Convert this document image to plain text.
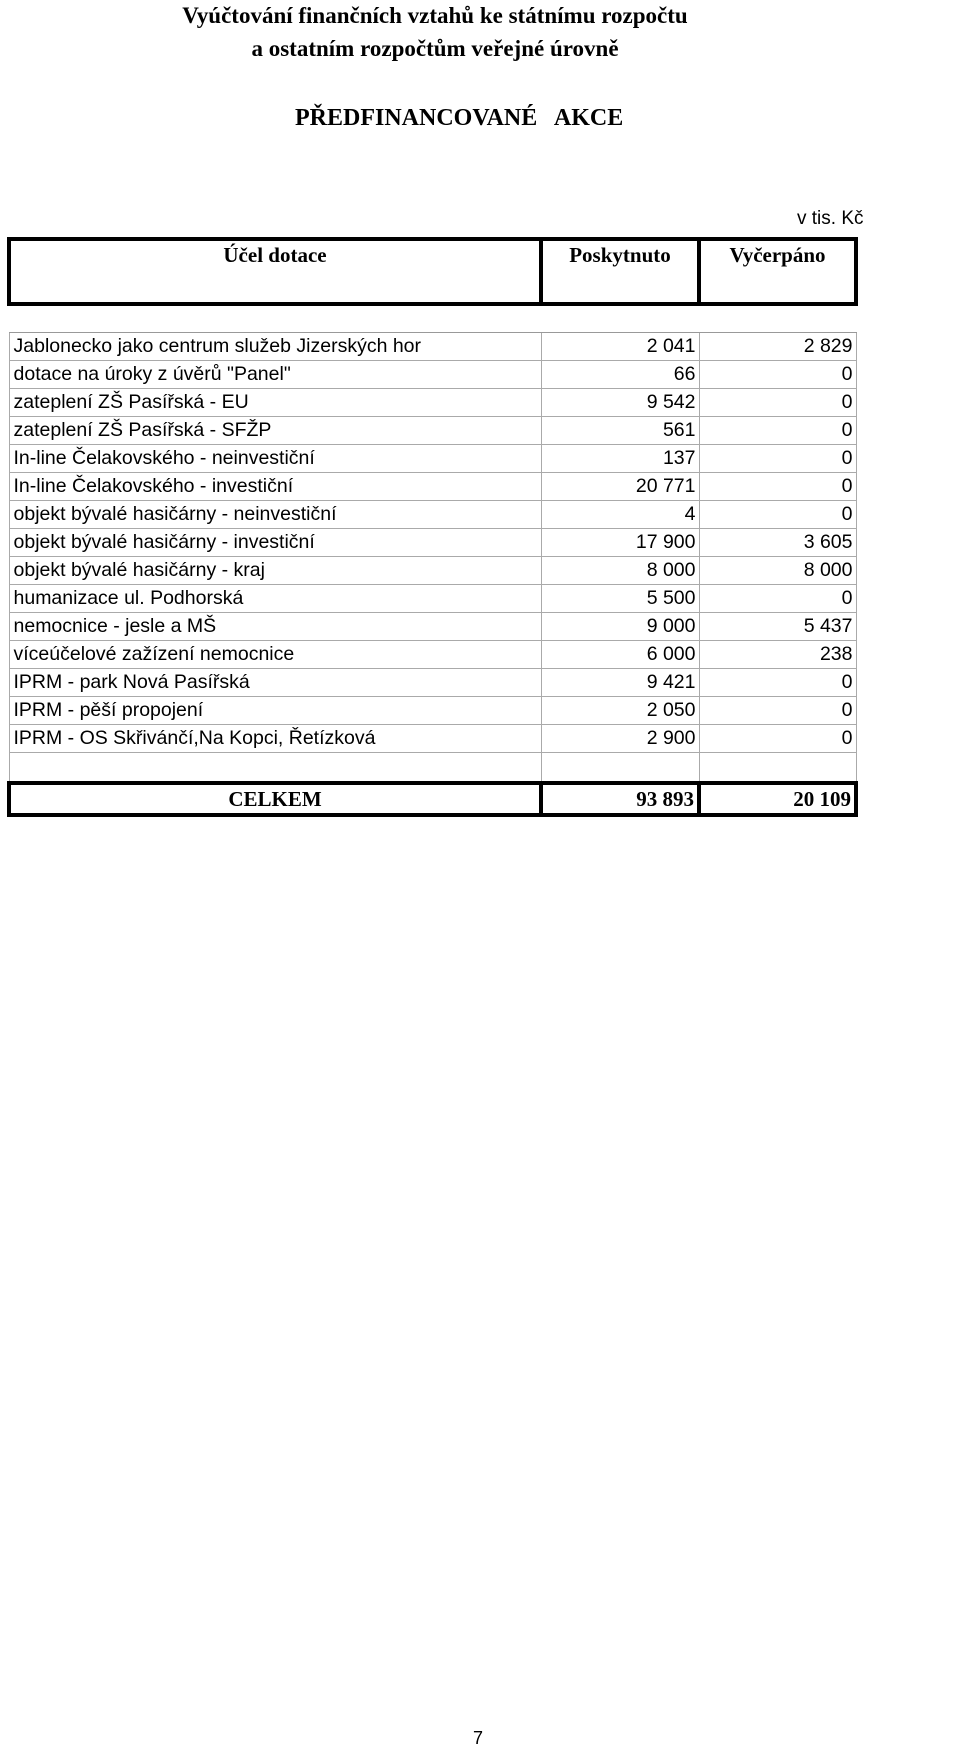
Vyúčtování finančních vztahů ke státnímu rozpočtu
a ostatním rozpočtům veřejné úrovně
PŘEDFINANCOVANÉ   AKCE
v tis. Kč
Účel dotace	Poskytnuto	Vyčerpáno

Jablonecko jako centrum služeb Jizerských hor	2 041	2 829
dotace na úroky z úvěrů "Panel"	66	0
zateplení ZŠ Pasířská - EU	9 542	0
zateplení ZŠ Pasířská - SFŽP	561	0
In-line Čelakovského - neinvestiční	137	0
In-line Čelakovského - investiční	20 771	0
objekt bývalé hasičárny - neinvestiční	4	0
objekt bývalé hasičárny - investiční	17 900	3 605
objekt bývalé hasičárny - kraj	8 000	8 000
humanizace ul. Podhorská	5 500	0
nemocnice - jesle a MŠ	9 000	5 437
víceúčelové zažízení nemocnice	6 000	238
IPRM - park Nová Pasířská	9 421	0
IPRM - pěší propojení	2 050	0
IPRM - OS Skřivánčí,Na Kopci, Řetízková	2 900	0

CELKEM	93 893	20 109
7
